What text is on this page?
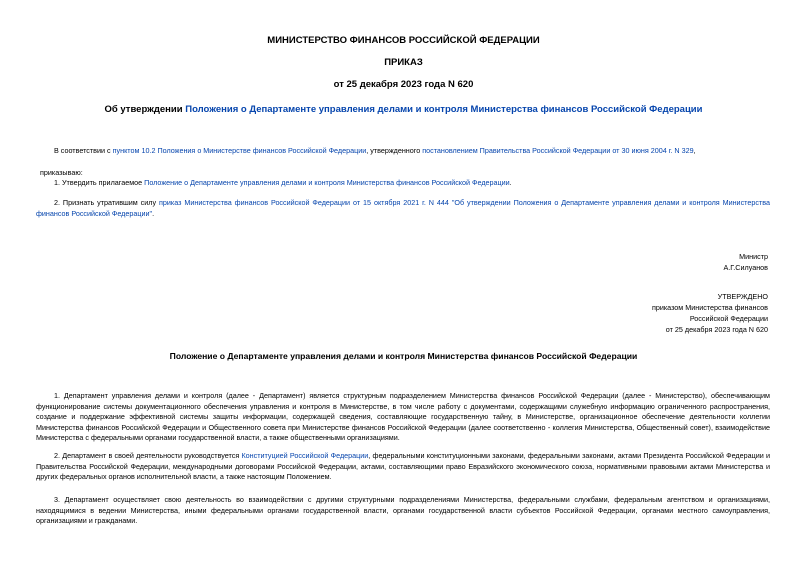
МИНИСТЕРСТВО ФИНАНСОВ РОССИЙСКОЙ ФЕДЕРАЦИИ
ПРИКАЗ
от 25 декабря 2023 года N 620
Об утверждении Положения о Департаменте управления делами и контроля Министерства финансов Российской Федерации
В соответствии с пунктом 10.2 Положения о Министерстве финансов Российской Федерации, утвержденного постановлением Правительства Российской Федерации от 30 июня 2004 г. N 329,
приказываю:
1. Утвердить прилагаемое Положение о Департаменте управления делами и контроля Министерства финансов Российской Федерации.
2. Признать утратившим силу приказ Министерства финансов Российской Федерации от 15 октября 2021 г. N 444 "Об утверждении Положения о Департаменте управления делами и контроля Министерства финансов Российской Федерации".
Министр
А.Г.Силуанов
УТВЕРЖДЕНО
приказом Министерства финансов
Российской Федерации
от 25 декабря 2023 года N 620
Положение о Департаменте управления делами и контроля Министерства финансов Российской Федерации
1. Департамент управления делами и контроля (далее - Департамент) является структурным подразделением Министерства финансов Российской Федерации (далее - Министерство), обеспечивающим функционирование системы документационного обеспечения управления и контроля в Министерстве, в том числе работу с документами, содержащими служебную информацию ограниченного распространения, создание и поддержание эффективной системы защиты информации, содержащей сведения, составляющие государственную тайну, в Министерстве, организационное обеспечение деятельности коллегии Министерства финансов Российской Федерации и Общественного совета при Министерстве финансов Российской Федерации (далее соответственно - коллегия Министерства, Общественный совет), взаимодействие Министерства с федеральными органами государственной власти, а также общественными организациями.
2. Департамент в своей деятельности руководствуется Конституцией Российской Федерации, федеральными конституционными законами, федеральными законами, актами Президента Российской Федерации и Правительства Российской Федерации, международными договорами Российской Федерации, актами, составляющими право Евразийского экономического союза, нормативными правовыми актами Министерства и других федеральных органов исполнительной власти, а также настоящим Положением.
3. Департамент осуществляет свою деятельность во взаимодействии с другими структурными подразделениями Министерства, федеральными службами, федеральным агентством и организациями, находящимися в ведении Министерства, иными федеральными органами государственной власти, органами государственной власти субъектов Российской Федерации, органами местного самоуправления, организациями и гражданами.
